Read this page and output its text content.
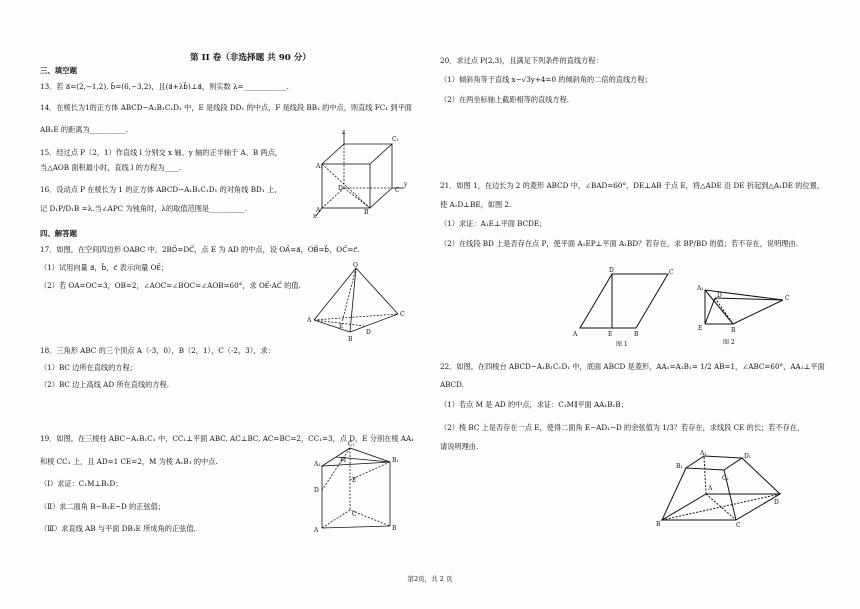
第 II 卷（非选择题 共 90 分）
三、填空题
13．若 a⃗=(2,−1,2), b⃗=(6,−3,2)，且(a⃗+λb⃗)⊥a⃗，则实数 λ=____________.
14．在棱长为1的正方体 ABCD−A₁B₁C₁D₁ 中，E 是线段 DD₁ 的中点，F 是线段 BB₁ 的中点，则直线 FC₁ 到平面
AB₁E 的距离为__________.
15．经过点 P（2，1）作直线 l 分别交 x 轴、y 轴的正半轴于 A、B 两点，
当△AOB 面积最小时，直线 l 的方程为____.
16．设动点 P 在棱长为 1 的正方体 ABCD−A₁B₁C₁D₁ 的对角线 BD₁ 上，
记 D₁P/D₁B =λ.当∠APC 为钝角时，λ的取值范围是__________.
四、解答题
17．如图，在空间四边形 OABC 中，2BD⃗=DC⃗，点 E 为 AD 的中点，设 OA⃗=a⃗，OB⃗=b⃗，OC⃗=c⃗.
（1）试用向量 a⃗，b⃗，c⃗ 表示向量 OE⃗；
（2）若 OA=OC=3，OB=2，∠AOC=∠BOC=∠AOB=60°，求 OE⃗·AC⃗ 的值.
18．三角形 ABC 的三个顶点 A（-3，0），B（2，1），C（-2，3），求：
（1）BC 边所在直线的方程；
（2）BC 边上高线 AD 所在直线的方程.
19．如图，在三棱柱 ABC−A₁B₁C₁ 中，CC₁⊥平面 ABC, AC⊥BC, AC=BC=2，CC₁=3，点 D，E 分别在棱 AA₁
和棱 CC₁ 上，且 AD=1 CE=2，M 为棱 A₁B₁ 的中点.
（Ⅰ）求证：C₁M⊥B₁D；
（Ⅱ）求二面角 B−B₁E−D 的正弦值；
（Ⅲ）求直线 AB 与平面 DB₁E 所成角的正弦值.
z
y
x
C₁
A₁
B
D	C
A
O
A
C
B
D
E
C₁
A₁
B₁
E
D
A	B
C
M
20．求过点 P(2,3)，且满足下列条件的直线方程：
（1）倾斜角等于直线 x−√3y+4=0 的倾斜角的二倍的直线方程；
（2）在两坐标轴上截距相等的直线方程.
21．如图 1，在边长为 2 的菱形 ABCD 中，∠BAD=60°，DE⊥AB 于点 E，将△ADE 沿 DE 折起到△A₁DE 的位置，
使 A₁D⊥BE，如图 2.
（1）求证：A₁E⊥平面 BCDE；
（2）在线段 BD 上是否存在点 P，使平面 A₁EP⊥平面 A₁BD？若存在，求 BP/BD 的值；若不存在，说明理由.
22．如图，在四棱台 ABCD−A₁B₁C₁D₁ 中，底面 ABCD 是菱形，AA₁=A₁B₁= 1/2 AB=1，∠ABC=60°，AA₁⊥平面
ABCD.
（1）若点 M 是 AD 的中点，求证：C₁M∥平面 AA₁B₁B；
（2）棱 BC 上是否存在一点 E，使得二面角 E−AD₁−D 的余弦值为 1/3？若存在，求线段 CE 的长；若不存在，
请说明理由.
A	E	B
D	C
图 1
A₁
D	C
E	B
图 2
B₁
A₁	D₁
C₁
B	C
D
A
第2页，共 2 页
